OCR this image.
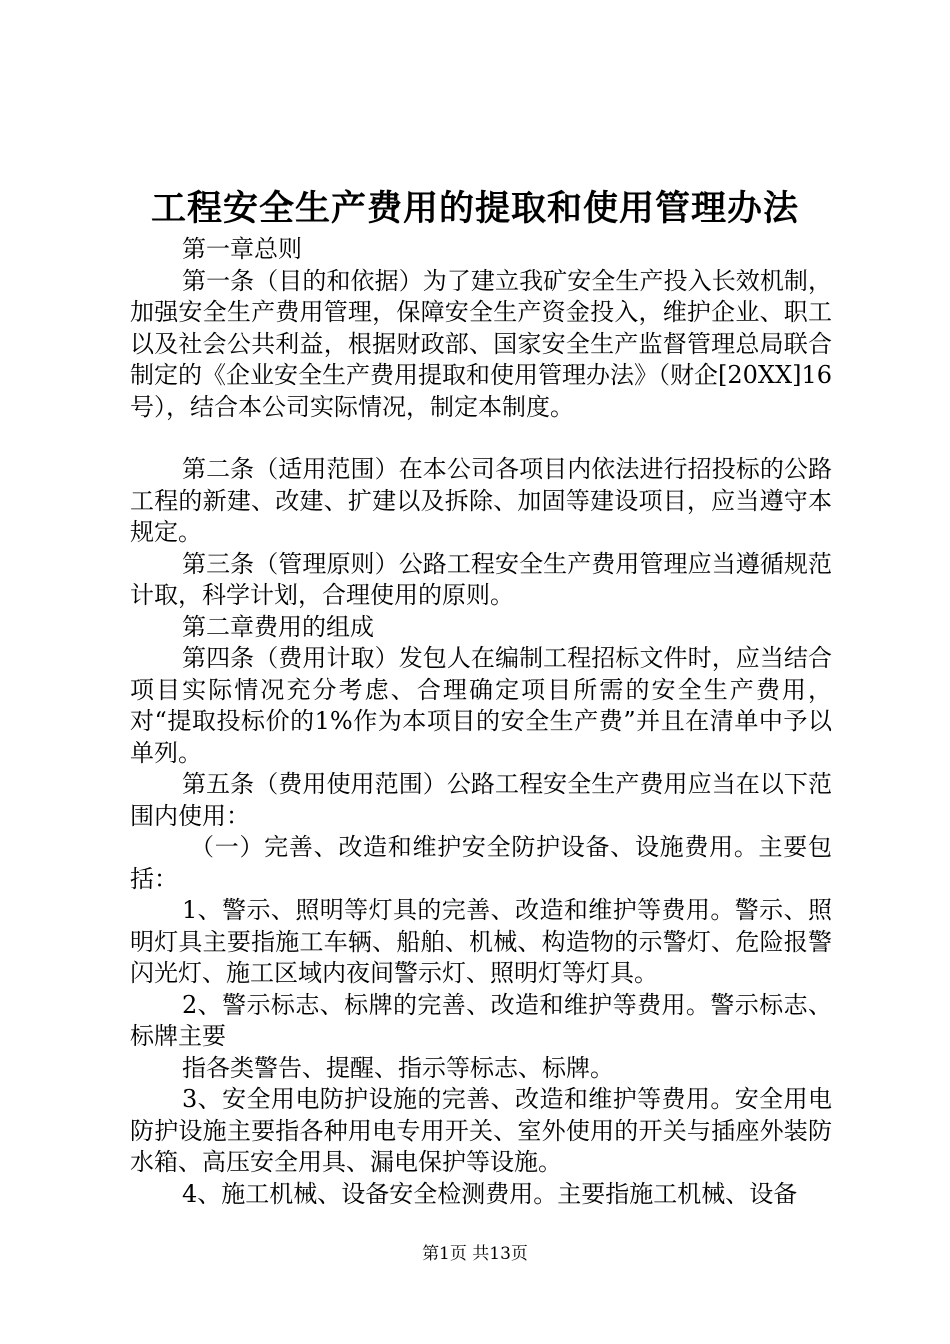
工程安全生产费用的提取和使用管理办法

第一章总则

第一条（目的和依据）为了建立我矿安全生产投入长效机制，加强安全生产费用管理，保障安全生产资金投入，维护企业、职工以及社会公共利益，根据财政部、国家安全生产监督管理总局联合制定的《企业安全生产费用提取和使用管理办法》（财企[20XX]16号），结合本公司实际情况，制定本制度。

第二条（适用范围）在本公司各项目内依法进行招投标的公路工程的新建、改建、扩建以及拆除、加固等建设项目，应当遵守本规定。

第三条（管理原则）公路工程安全生产费用管理应当遵循规范计取，科学计划，合理使用的原则。

第二章费用的组成

第四条（费用计取）发包人在编制工程招标文件时，应当结合项目实际情况充分考虑、合理确定项目所需的安全生产费用，对“提取投标价的1%作为本项目的安全生产费”并且在清单中予以单列。

第五条（费用使用范围）公路工程安全生产费用应当在以下范围内使用：

（一）完善、改造和维护安全防护设备、设施费用。主要包括：

1、警示、照明等灯具的完善、改造和维护等费用。警示、照明灯具主要指施工车辆、船舶、机械、构造物的示警灯、危险报警闪光灯、施工区域内夜间警示灯、照明灯等灯具。

2、警示标志、标牌的完善、改造和维护等费用。警示标志、标牌主要

指各类警告、提醒、指示等标志、标牌。

3、安全用电防护设施的完善、改造和维护等费用。安全用电防护设施主要指各种用电专用开关、室外使用的开关与插座外装防水箱、高压安全用具、漏电保护等设施。

4、施工机械、设备安全检测费用。主要指施工机械、设备

第1页 共13页
